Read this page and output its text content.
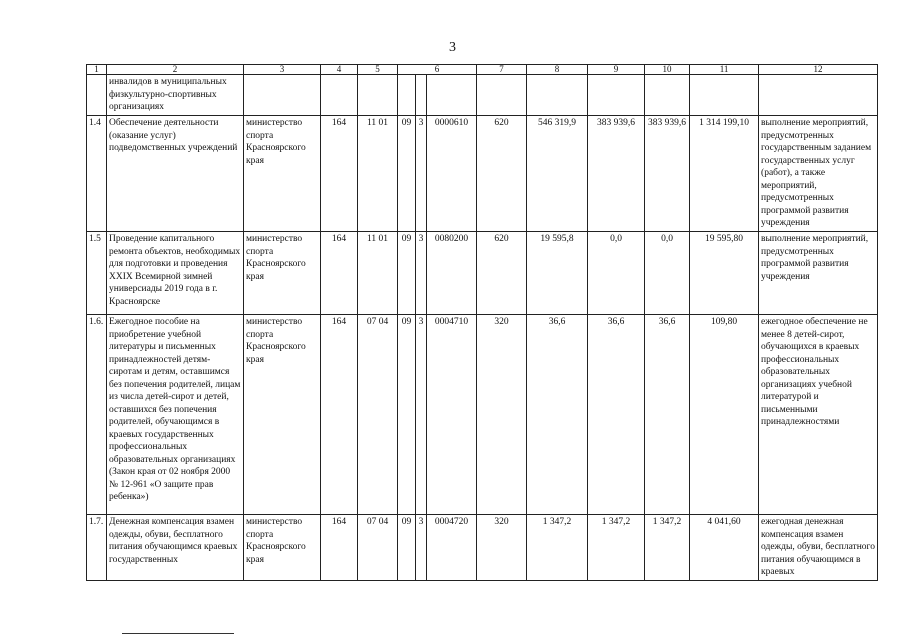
3
1	2	3	4	5	6			7	8	9	10	11	12
	инвалидов в муниципальных физкультурно-спортивных организациях												
1.4	Обеспечение деятельности (оказание услуг) подведомственных учреждений	министерство спорта Красноярского края	164	11 01	09	3	0000610	620	546 319,9	383 939,6	383 939,6	1 314 199,10	выполнение мероприятий, предусмотренных государственным заданием государственных услуг (работ), а также мероприятий, предусмотренных программой развития учреждения
1.5	Проведение капитального ремонта объектов, необходимых для подготовки и проведения XXIX Всемирной зимней универсиады 2019 года в г. Красноярске	министерство спорта Красноярского края	164	11 01	09	3	0080200	620	19 595,8	0,0	0,0	19 595,80	выполнение мероприятий, предусмотренных программой развития учреждения
1.6.	Ежегодное пособие на приобретение учебной литературы и письменных принадлежностей детям-сиротам и детям, оставшимся без попечения родителей, лицам из числа детей-сирот и детей, оставшихся без попечения родителей, обучающимся в краевых государственных профессиональных образовательных организациях (Закон края от 02 ноября 2000 № 12-961 «О защите прав ребенка»)	министерство спорта Красноярского края	164	07 04	09	3	0004710	320	36,6	36,6	36,6	109,80	ежегодное обеспечение не менее 8 детей-сирот, обучающихся в краевых профессиональных образовательных организациях учебной литературой и письменными принадлежностями
1.7.	Денежная компенсация взамен одежды, обуви, бесплатного питания обучающимся краевых государственных	министерство спорта Красноярского края	164	07 04	09	3	0004720	320	1 347,2	1 347,2	1 347,2	4 041,60	ежегодная денежная компенсация взамен одежды, обуви, бесплатного питания обучающимся в краевых
